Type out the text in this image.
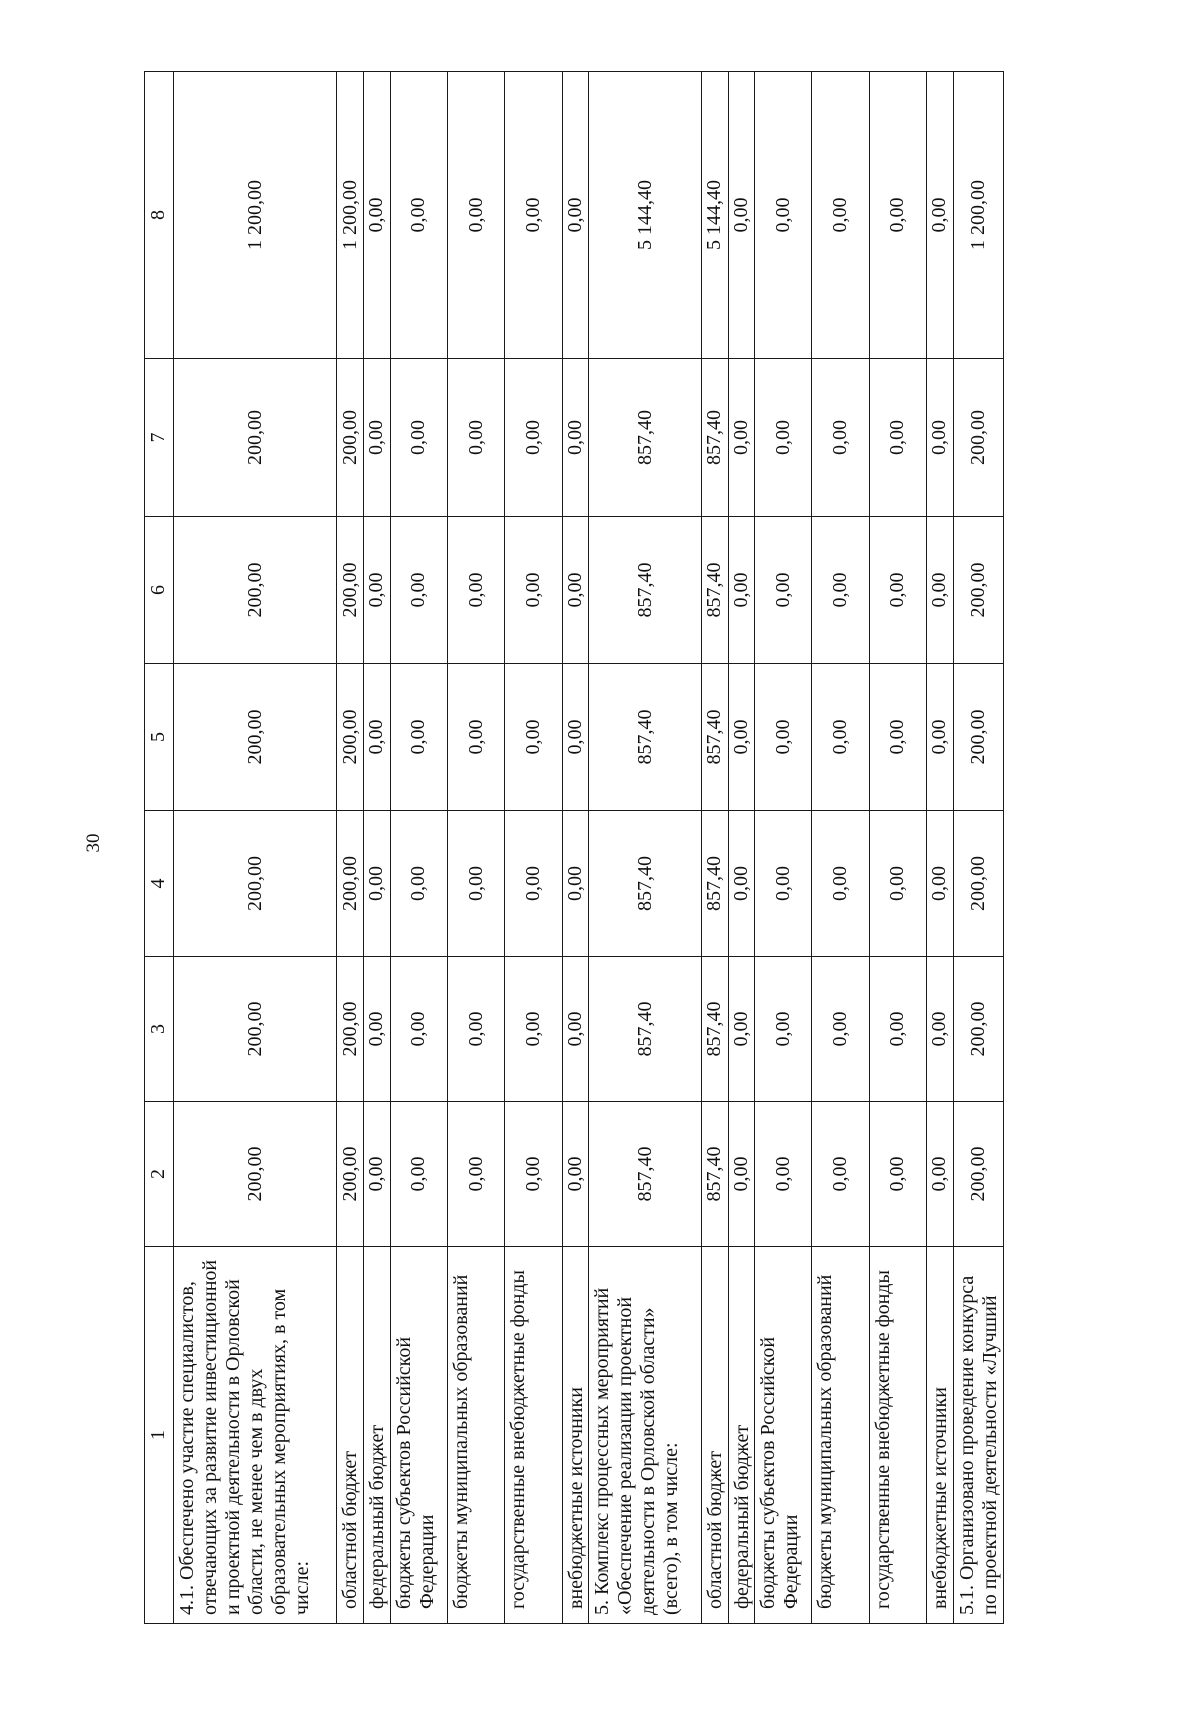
30
1	2	3	4	5	6	7	8
4.1. Обеспечено участие специалистов, отвечающих за развитие инвестиционной и проектной деятельности в Орловской области, не менее чем в двух образовательных мероприятиях, в том числе:	200,00	200,00	200,00	200,00	200,00	200,00	1 200,00
областной бюджет	200,00	200,00	200,00	200,00	200,00	200,00	1 200,00
федеральный бюджет	0,00	0,00	0,00	0,00	0,00	0,00	0,00
бюджеты субъектов Российской Федерации	0,00	0,00	0,00	0,00	0,00	0,00	0,00
бюджеты муниципальных образований	0,00	0,00	0,00	0,00	0,00	0,00	0,00
государственные внебюджетные фонды	0,00	0,00	0,00	0,00	0,00	0,00	0,00
внебюджетные источники	0,00	0,00	0,00	0,00	0,00	0,00	0,00
5. Комплекс процессных мероприятий «Обеспечение реализации проектной деятельности в Орловской области» (всего), в том числе:	857,40	857,40	857,40	857,40	857,40	857,40	5 144,40
областной бюджет	857,40	857,40	857,40	857,40	857,40	857,40	5 144,40
федеральный бюджет	0,00	0,00	0,00	0,00	0,00	0,00	0,00
бюджеты субъектов Российской Федерации	0,00	0,00	0,00	0,00	0,00	0,00	0,00
бюджеты муниципальных образований	0,00	0,00	0,00	0,00	0,00	0,00	0,00
государственные внебюджетные фонды	0,00	0,00	0,00	0,00	0,00	0,00	0,00
внебюджетные источники	0,00	0,00	0,00	0,00	0,00	0,00	0,00
5.1. Организовано проведение конкурса по проектной деятельности «Лучший	200,00	200,00	200,00	200,00	200,00	200,00	1 200,00
